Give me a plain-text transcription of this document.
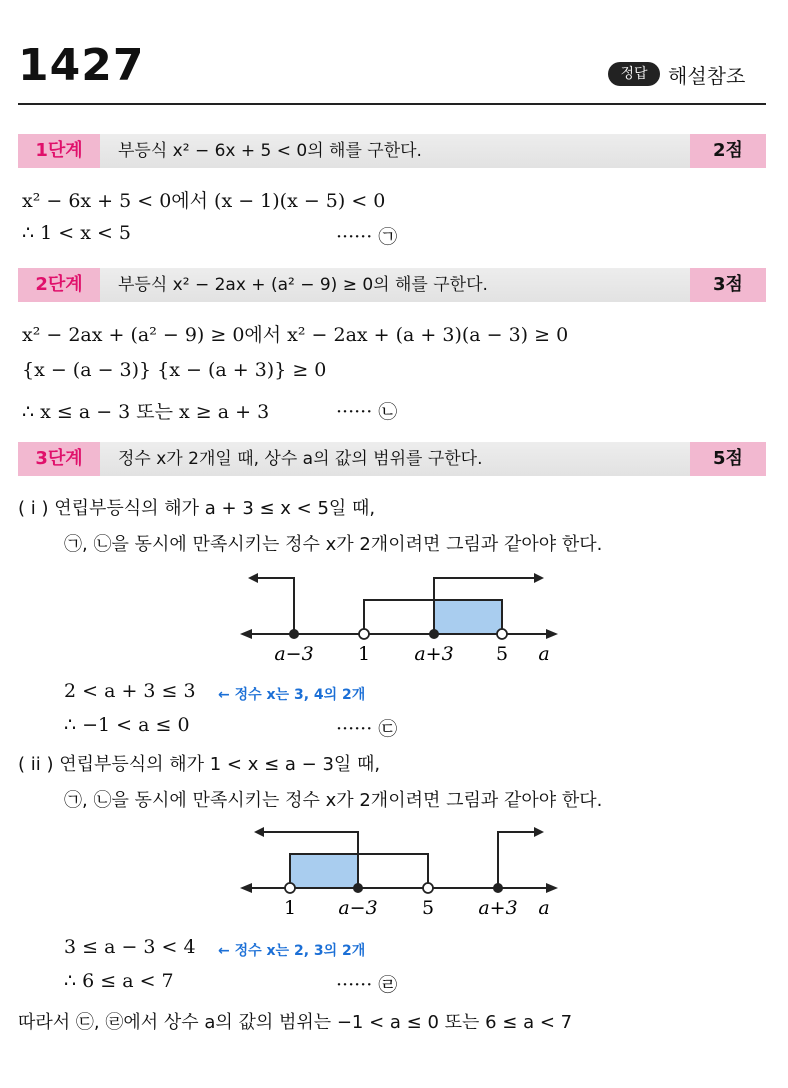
1427	정답	해설참조
1단계	부등식 x² − 6x + 5 < 0의 해를 구한다.	2점
x² − 6x + 5 < 0에서 (x − 1)(x − 5) < 0
∴ 1 < x < 5	······ ㉠
2단계	부등식 x² − 2ax + (a² − 9) ≥ 0의 해를 구한다.	3점
x² − 2ax + (a² − 9) ≥ 0에서 x² − 2ax + (a + 3)(a − 3) ≥ 0
{x − (a − 3)} {x − (a + 3)} ≥ 0
∴ x ≤ a − 3 또는 x ≥ a + 3	······ ㉡
3단계	정수 x가 2개일 때, 상수 a의 값의 범위를 구한다.	5점
( i ) 연립부등식의 해가 a + 3 ≤ x < 5일 때,
㉠, ㉡을 동시에 만족시키는 정수 x가 2개이려면 그림과 같아야 한다.
a−3 1 a+3 5 a
2 < a + 3 ≤ 3 ← 정수 x는 3, 4의 2개
∴ −1 < a ≤ 0	······ ㉢
( ii ) 연립부등식의 해가 1 < x ≤ a − 3일 때,
㉠, ㉡을 동시에 만족시키는 정수 x가 2개이려면 그림과 같아야 한다.
1 a−3 5 a+3 a
3 ≤ a − 3 < 4 ← 정수 x는 2, 3의 2개
∴ 6 ≤ a < 7	······ ㉣
따라서 ㉢, ㉣에서 상수 a의 값의 범위는 −1 < a ≤ 0 또는 6 ≤ a < 7
